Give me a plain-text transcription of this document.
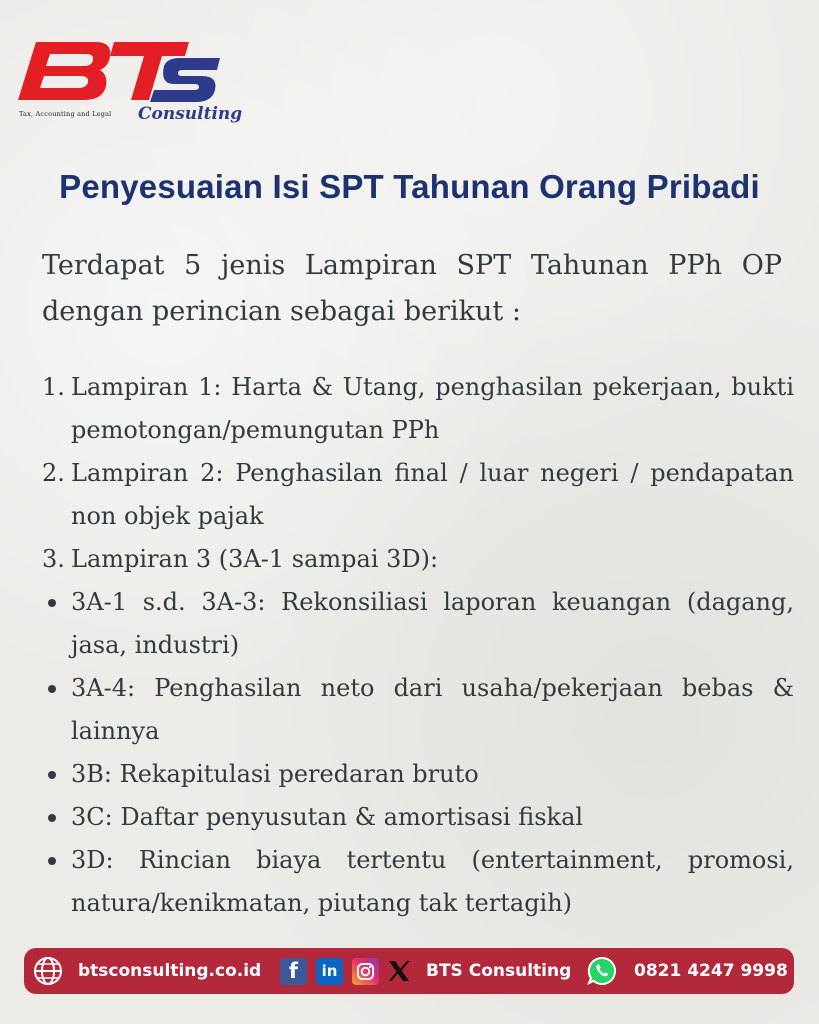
Tax, Accounting and Legal Consulting
Penyesuaian Isi SPT Tahunan Orang Pribadi
Terdapat 5 jenis Lampiran SPT Tahunan PPh OP dengan perincian sebagai berikut :
1. Lampiran 1: Harta & Utang, penghasilan pekerjaan, bukti pemotongan/pemungutan PPh
2. Lampiran 2: Penghasilan final / luar negeri / pendapatan non objek pajak
3. Lampiran 3 (3A-1 sampai 3D):
3A-1 s.d. 3A-3: Rekonsiliasi laporan keuangan (dagang, jasa, industri)
3A-4: Penghasilan neto dari usaha/pekerjaan bebas & lainnya
3B: Rekapitulasi peredaran bruto
3C: Daftar penyusutan & amortisasi fiskal
3D: Rincian biaya tertentu (entertainment, promosi, natura/kenikmatan, piutang tak tertagih)
btsconsulting.co.id	f	in	BTS Consulting	0821 4247 9998
